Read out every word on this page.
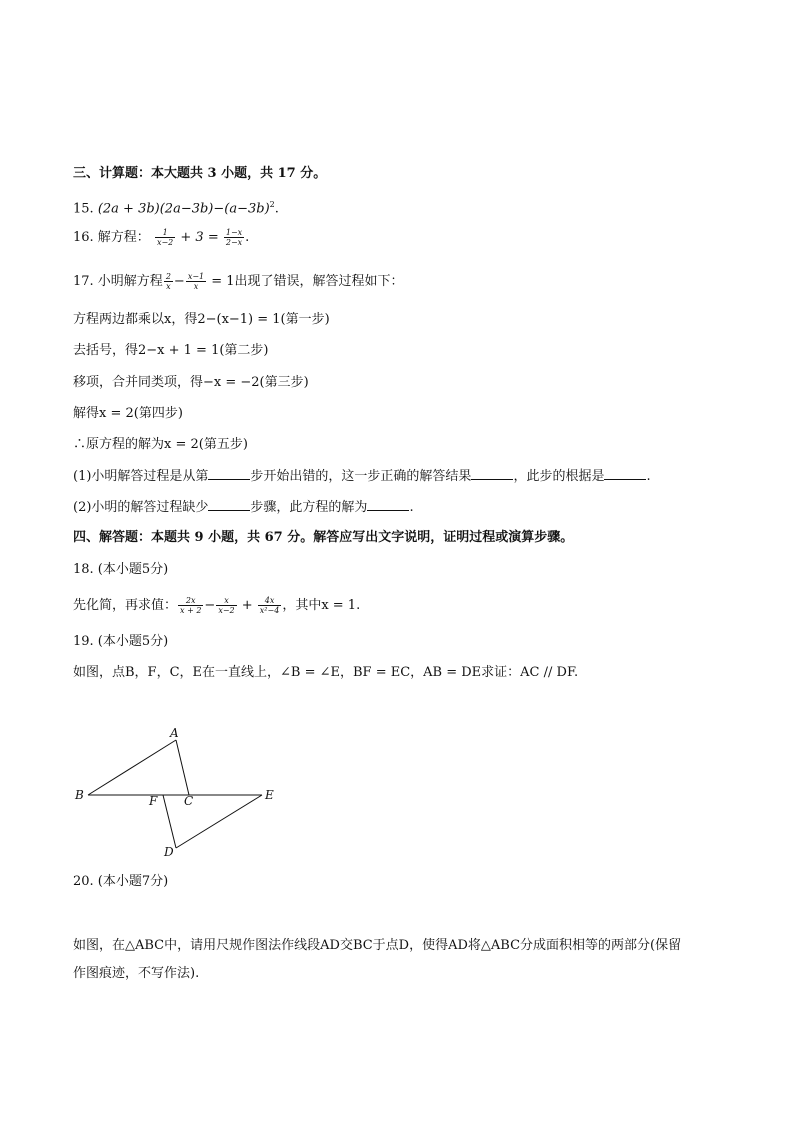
三、计算题：本大题共 3 小题，共 17 分。
15. $(2a + 3b)(2a-3b)-(a-3b)^2$.
16. 解方程： $\frac{1}{x-2} + 3 = \frac{1-x}{2-x}$ .
17. 小明解方程 $\frac{2}{x} - \frac{x-1}{x} = 1$出现了错误，解答过程如下：
方程两边都乘以x，得2−(x−1) = 1(第一步)
去括号，得2−x + 1 = 1(第二步)
移项，合并同类项，得−x = −2(第三步)
解得x = 2(第四步)
∴原方程的解为x = 2(第五步)
(1)小明解答过程是从第	步开始出错的，这一步正确的解答结果	，此步的根据是	.
(2)小明的解答过程缺少	步骤，此方程的解为	.
四、解答题：本题共 9 小题，共 67 分。解答应写出文字说明，证明过程或演算步骤。
18. (本小题5分)
先化简，再求值： $\frac{2x}{x + 2} - \frac{x}{x-2} + \frac{4x}{\text{x²−4}}$ ，其中x = 1.
19. (本小题5分)
如图，点B，F，C，E在一直线上，∠B = ∠E，BF = EC，AB = DE求证：AC // DF.
A
B	F C	E
D
20. (本小题7分)
如图，在△ABC中，请用尺规作图法作线段AD交BC于点D，使得AD将△ABC分成面积相等的两部分(保留
作图痕迹，不写作法).
